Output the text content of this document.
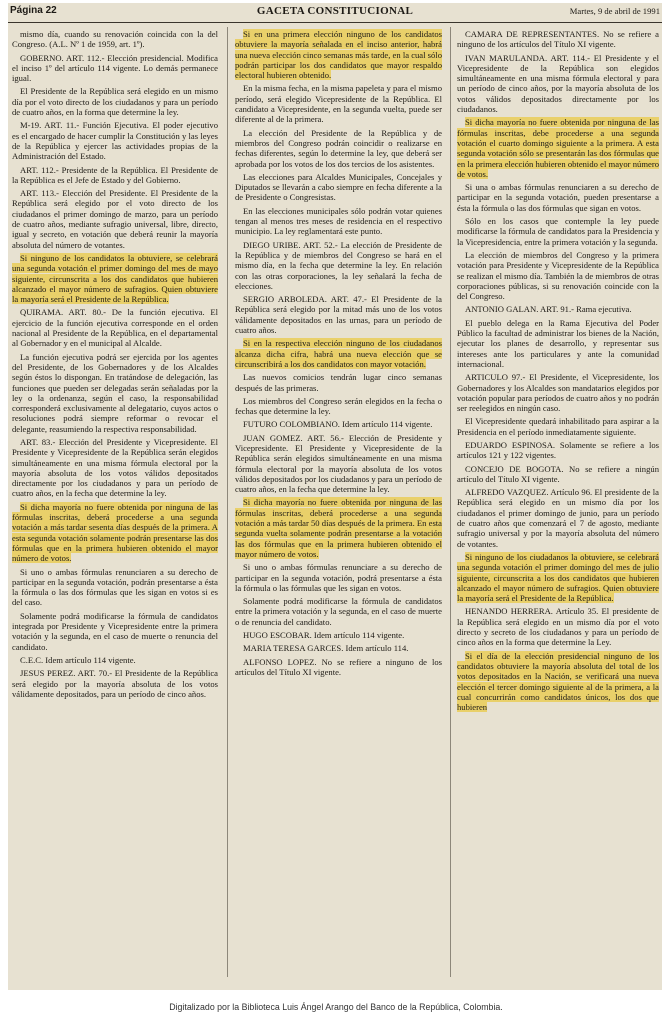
Página 22	GACETA CONSTITUCIONAL	Martes, 9 de abril de 1991

mismo día, cuando su renovación coincida con la del Congreso. (A.L. Nº 1 de 1959, art. 1º).

GOBERNO. ART. 112.- Elección presidencial. Modifica el inciso 1º del artículo 114 vigente. Lo demás permanece igual.

El Presidente de la República será elegido en un mismo día por el voto directo de los ciudadanos y para un período de cuatro años, en la forma que determine la ley.

M-19. ART. 11.- Función Ejecutiva. El poder ejecutivo es el encargado de hacer cumplir la Constitución y las leyes de la República y ejercer las actividades propias de la Administración del Estado.

ART. 112.- Presidente de la República. El Presidente de la República es el Jefe de Estado y del Gobierno.

ART. 113.- Elección del Presidente. El Presidente de la República será elegido por el voto directo de los ciudadanos el primer domingo de marzo, para un período de cuatro años, mediante sufragio universal, libre, directo, igual y secreto, en votación que deberá reunir la mayoría absoluta del número de votantes.

Si ninguno de los candidatos la obtuviere, se celebrará una segunda votación el primer domingo del mes de mayo siguiente, circunscrita a los dos candidatos que hubieren alcanzado el mayor número de sufragios. Quien obtuviere la mayoría será el Presidente de la República.

QUIRAMA. ART. 80.- De la función ejecutiva. El ejercicio de la función ejecutiva corresponde en el orden nacional al Presidente de la República, en el departamental al Gobernador y en el municipal al Alcalde.

La función ejecutiva podrá ser ejercida por los agentes del Presidente, de los Gobernadores y de los Alcaldes según éstos lo dispongan. En tratándose de delegación, las funciones que pueden ser delegadas serán señaladas por la ley o la ordenanza, según el caso, la responsabilidad corresponderá exclusivamente al delegatario, cuyos actos o resoluciones podrá siempre reformar o revocar el delegante, reasumiendo la respectiva responsabilidad.

ART. 83.- Elección del Presidente y Vicepresidente. El Presidente y Vicepresidente de la República serán elegidos simultáneamente en una misma fórmula electoral por la mayoría absoluta de los votos válidos depositados directamente por los ciudadanos y para un período de cuatro años, en la fecha que determine la ley.

Si dicha mayoría no fuere obtenida por ninguna de las fórmulas inscritas, deberá procederse a una segunda votación a más tardar sesenta días después de la primera. A esta segunda votación solamente podrán presentarse las dos fórmulas que en la primera hubieren obtenido el mayor número de votos.

Si uno o ambas fórmulas renunciaren a su derecho de participar en la segunda votación, podrán presentarse a ésta la fórmula o las dos fórmulas que les sigan en votos si es del caso.

Solamente podrá modificarse la fórmula de candidatos integrada por Presidente y Vicepresidente entre la primera votación y la segunda, en el caso de muerte o renuncia del candidato.

C.E.C. Idem artículo 114 vigente.

JESUS PEREZ. ART. 70.- El Presidente de la República será elegido por la mayoría absoluta de los votos válidamente depositados, para un período de cinco años.

Si en una primera elección ninguno de los candidatos obtuviere la mayoría señalada en el inciso anterior, habrá una nueva elección cinco semanas más tarde, en la cual sólo podrán participar los dos candidatos que mayor respaldo electoral hubieren obtenido.

En la misma fecha, en la misma papeleta y para el mismo período, será elegido Vicepresidente de la República. El candidato a Vicepresidente, en la segunda vuelta, puede ser diferente al de la primera.

La elección del Presidente de la República y de miembros del Congreso podrán coincidir o realizarse en fechas diferentes, según lo determine la ley, que deberá ser aprobada por los votos de los dos tercios de los asistentes.

Las elecciones para Alcaldes Municipales, Concejales y Diputados se llevarán a cabo siempre en fecha diferente a la de Presidente o Congresistas.

En las elecciones municipales sólo podrán votar quienes tengan al menos tres meses de residencia en el respectivo municipio. La ley reglamentará este punto.

DIEGO URIBE. ART. 52.- La elección de Presidente de la República y de miembros del Congreso se hará en el mismo día, en la fecha que determine la ley. En relación con las otras corporaciones, la ley señalará la fecha de elecciones.

SERGIO ARBOLEDA. ART. 47.- El Presidente de la República será elegido por la mitad más uno de los votos válidamente depositados en las urnas, para un período de cuatro años.

Si en la respectiva elección ninguno de los ciudadanos alcanza dicha cifra, habrá una nueva elección que se circunscribirá a los dos candidatos con mayor votación.

Las nuevos comicios tendrán lugar cinco semanas después de las primeras.

Los miembros del Congreso serán elegidos en la fecha o fechas que determine la ley.

FUTURO COLOMBIANO. Idem artículo 114 vigente.

JUAN GOMEZ. ART. 56.- Elección de Presidente y Vicepresidente. El Presidente y Vicepresidente de la República serán elegidos simultáneamente en una misma fórmula electoral por la mayoría absoluta de los votos válidos depositados por los ciudadanos y para un período de cuatro años, en la fecha que determine la ley.

Si dicha mayoría no fuere obtenida por ninguna de las fórmulas inscritas, deberá procederse a una segunda votación a más tardar 50 días después de la primera. En esta segunda vuelta solamente podrán presentarse a la votación las dos fórmulas que en la primera hubieren obtenido el mayor número de votos.

Si uno o ambas fórmulas renunciare a su derecho de participar en la segunda votación, podrá presentarse a ésta la fórmula o las fórmulas que les sigan en votos.

Solamente podrá modificarse la fórmula de candidatos entre la primera votación y la segunda, en el caso de muerte o de renuncia del candidato.

HUGO ESCOBAR. Idem artículo 114 vigente.

MARIA TERESA GARCES. Idem artículo 114.

ALFONSO LOPEZ. No se refiere a ninguno de los artículos del Título XI vigente.

CAMARA DE REPRESENTANTES. No se refiere a ninguno de los artículos del Título XI vigente.

IVAN MARULANDA. ART. 114.- El Presidente y el Vicepresidente de la República son elegidos simultáneamente en una misma fórmula electoral y para un período de cinco años, por la mayoría absoluta de los votos válidos depositados directamente por los ciudadanos.

Si dicha mayoría no fuere obtenida por ninguna de las fórmulas inscritas, debe procederse a una segunda votación el cuarto domingo siguiente a la primera. A esta segunda votación sólo se presentarán las dos fórmulas que en la primera elección hubieren obtenido el mayor número de votos.

Si una o ambas fórmulas renunciaren a su derecho de participar en la segunda votación, pueden presentarse a ésta la fórmula o las dos fórmulas que sigan en votos.

Sólo en los casos que contemple la ley puede modificarse la fórmula de candidatos para la Presidencia y la Vicepresidencia, entre la primera votación y la segunda.

La elección de miembros del Congreso y la primera votación para Presidente y Vicepresidente de la República se realizan el mismo día. También la de miembros de otras corporaciones públicas, si su renovación coincide con la del Congreso.

ANTONIO GALAN. ART. 91.- Rama ejecutiva.

El pueblo delega en la Rama Ejecutiva del Poder Público la facultad de administrar los bienes de la Nación, ejecutar los planes de desarrollo, y representar sus intereses ante los particulares y ante la comunidad internacional.

ARTICULO 97.- El Presidente, el Vicepresidente, los Gobernadores y los Alcaldes son mandatarios elegidos por votación popular para períodos de cuatro años y no podrán ser reelegidos en ningún caso.

El Vicepresidente quedará inhabilitado para aspirar a la Presidencia en el período inmediatamente siguiente.

EDUARDO ESPINOSA. Solamente se refiere a los artículos 121 y 122 vigentes.

CONCEJO DE BOGOTA. No se refiere a ningún artículo del Título XI vigente.

ALFREDO VAZQUEZ. Artículo 96. El presidente de la República será elegido en un mismo día por los ciudadanos el primer domingo de junio, para un período de cuatro años que comenzará el 7 de agosto, mediante sufragio universal y por la mayoría absoluta del número de votantes.

Si ninguno de los ciudadanos la obtuviere, se celebrará una segunda votación el primer domingo del mes de julio siguiente, circunscrita a los dos candidatos que hubieren alcanzado el mayor número de sufragios. Quien obtuviere la mayoría será el Presidente de la República.

HENANDO HERRERA. Artículo 35. El presidente de la República será elegido en un mismo día por el voto directo y secreto de los ciudadanos y para un período de cinco años en la forma que determine la Ley.

Si el día de la elección presidencial ninguno de los candidatos obtuviere la mayoría absoluta del total de los votos depositados en la Nación, se verificará una nueva elección el tercer domingo siguiente al de la primera, a la cual concurrirán como candidatos únicos, los dos que hubieren

Digitalizado por la Biblioteca Luis Ángel Arango del Banco de la República, Colombia.
